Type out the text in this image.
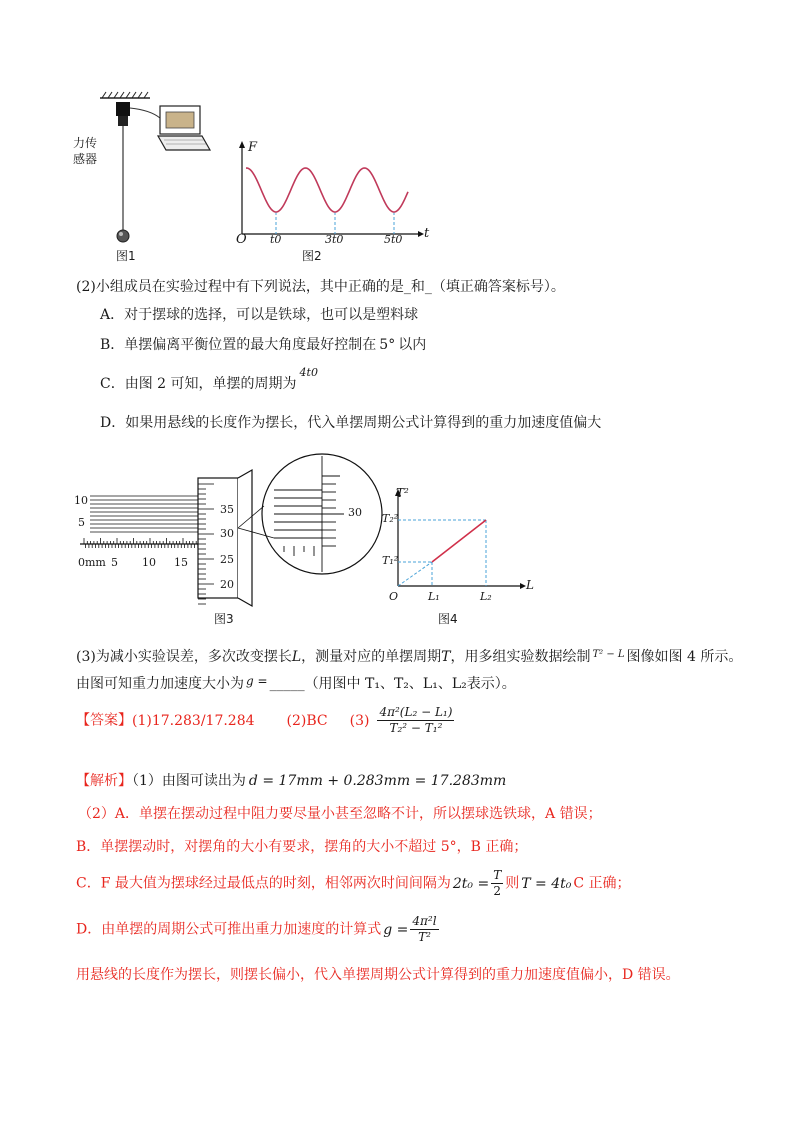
力传
感器
图1
F
t
O t0	3t0	5t0
图2
(2)小组成员在实验过程中有下列说法，其中正确的是_和_（填正确答案标号）。
A．对于摆球的选择，可以是铁球，也可以是塑料球
B．单摆偏离平衡位置的最大角度最好控制在 5° 以内
C．由图 2 可知，单摆的周期为$^{4t0}$
D．如果用悬线的长度作为摆长，代入单摆周期公式计算得到的重力加速度值偏大
10
5
0mm 5 10 15
35
30
25
20
30
图3
T²
L
O
T₂²
T₁²
L₁	L₂
图4
(3)为减小实验误差，多次改变摆长L，测量对应的单摆周期T，用多组实验数据绘制 $^{T^2 - L}$ 图像如图 4 所示。
由图可知重力加速度大小为 g = _____（用图中 T₁、T₂、L₁、L₂表示）。
【答案】(1)17.283/17.284 (2)BC $(3) \frac{\text{4π²(L₂ − L₁)}}{\text{T₂² − T₁²}}$
【解析】（1）由图可读出为 d = 17mm + 0.283mm = 17.283mm
（2）A．单摆在摆动过程中阻力要尽量小甚至忽略不计，所以摆球选铁球，A 错误；
B．单摆摆动时，对摆角的大小有要求，摆角的大小不超过 5°，B 正确；
C．F 最大值为摆球经过最低点的时刻，相邻两次时间间隔为 $2t_0 = \frac{T}{2}$ 则 T = 4t₀ C 正确；
D．由单摆的周期公式可推出重力加速度的计算式 $g = \frac{\text{4π²l}}{\text{T²}}$
用悬线的长度作为摆长，则摆长偏小，代入单摆周期公式计算得到的重力加速度值偏小，D 错误。
